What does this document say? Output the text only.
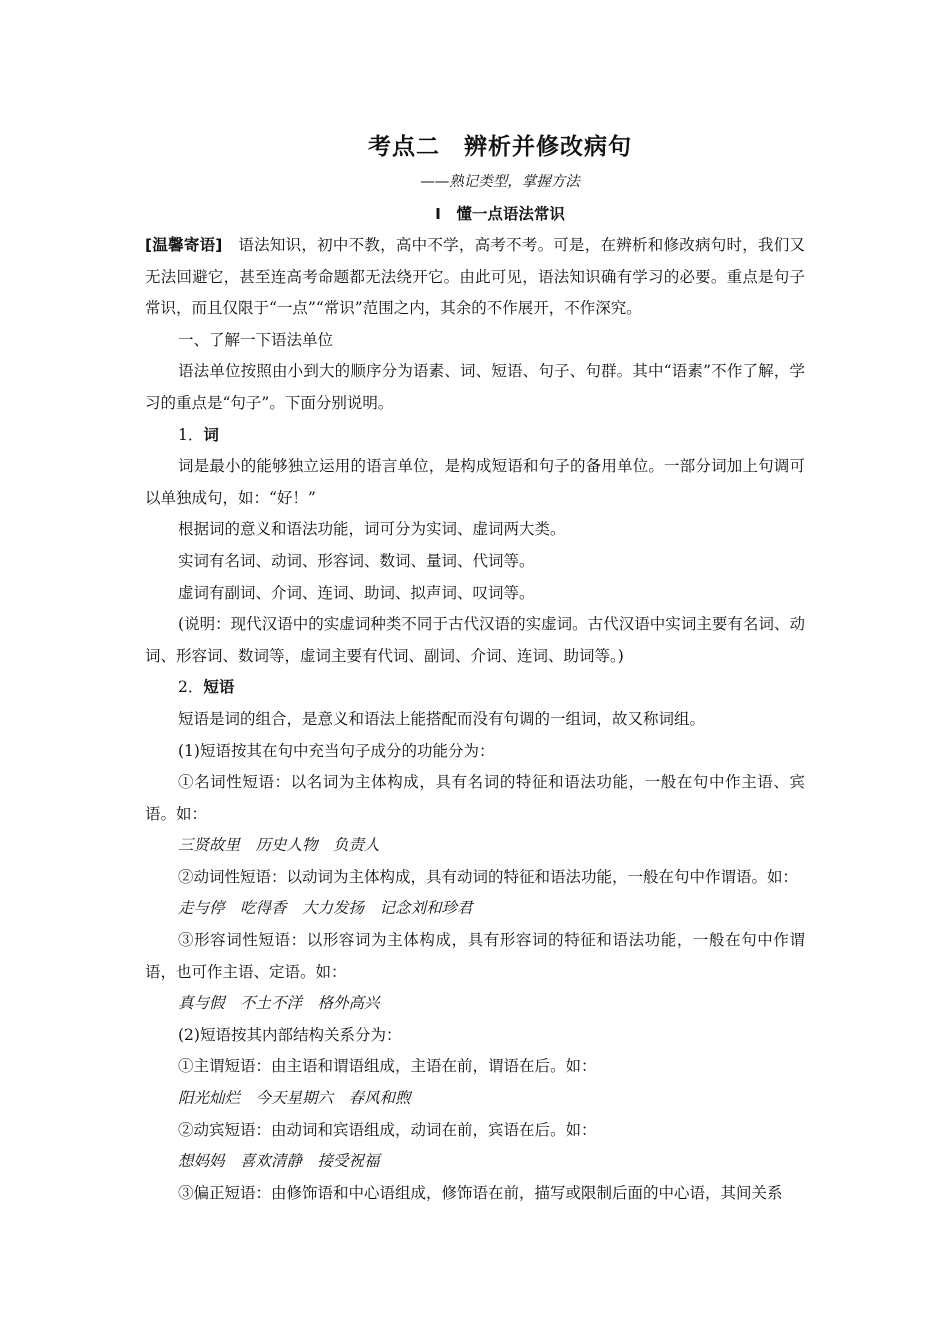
考点二　辨析并修改病句
——熟记类型，掌握方法
Ⅰ　懂一点语法常识

[温馨寄语]　语法知识，初中不教，高中不学，高考不考。可是，在辨析和修改病句时，我们又无法回避它，甚至连高考命题都无法绕开它。由此可见，语法知识确有学习的必要。重点是句子常识，而且仅限于“一点”“常识”范围之内，其余的不作展开，不作深究。

一、了解一下语法单位

语法单位按照由小到大的顺序分为语素、词、短语、句子、句群。其中“语素”不作了解，学习的重点是“句子”。下面分别说明。

1．词

词是最小的能够独立运用的语言单位，是构成短语和句子的备用单位。一部分词加上句调可以单独成句，如：“好！”

根据词的意义和语法功能，词可分为实词、虚词两大类。

实词有名词、动词、形容词、数词、量词、代词等。

虚词有副词、介词、连词、助词、拟声词、叹词等。

(说明：现代汉语中的实虚词种类不同于古代汉语的实虚词。古代汉语中实词主要有名词、动词、形容词、数词等，虚词主要有代词、副词、介词、连词、助词等。)

2．短语

短语是词的组合，是意义和语法上能搭配而没有句调的一组词，故又称词组。

(1)短语按其在句中充当句子成分的功能分为：

①名词性短语：以名词为主体构成，具有名词的特征和语法功能，一般在句中作主语、宾语。如：

三贤故里　历史人物　负责人

②动词性短语：以动词为主体构成，具有动词的特征和语法功能，一般在句中作谓语。如：

走与停　吃得香　大力发扬　记念刘和珍君

③形容词性短语：以形容词为主体构成，具有形容词的特征和语法功能，一般在句中作谓语，也可作主语、定语。如：

真与假　不土不洋　格外高兴

(2)短语按其内部结构关系分为：

①主谓短语：由主语和谓语组成，主语在前，谓语在后。如：

阳光灿烂　今天星期六　春风和煦

②动宾短语：由动词和宾语组成，动词在前，宾语在后。如：

想妈妈　喜欢清静　接受祝福

③偏正短语：由修饰语和中心语组成，修饰语在前，描写或限制后面的中心语，其间关系
